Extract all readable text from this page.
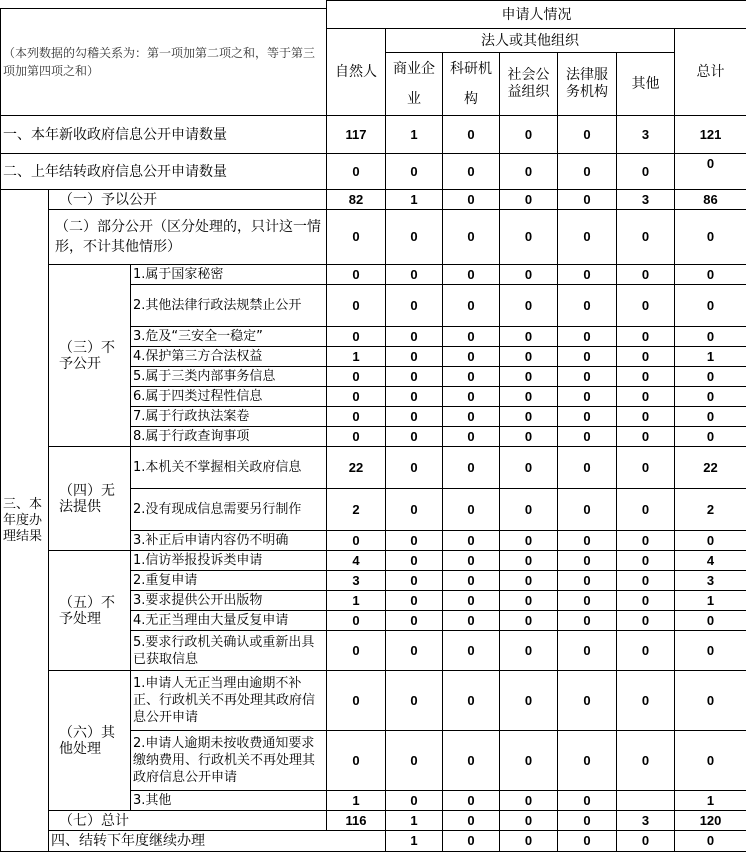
			申请人情况							
（本列数据的勾稽关系为：第一项加第二项之和，等于第三项加第四项之和）										
			自然人	法人或其他组织					总计	
				商业企业	科研机构	社会公益组织	法律服务机构	其他		

一、本年新收政府信息公开申请数量			117	1	0	0	0	3	121	
二、上年结转政府信息公开申请数量			0	0	0	0	0	0	0	
三、本年度办理结果	（一）予以公开		82	1	0	0	0	3	86	
	（二）部分公开（区分处理的，只计这一情形，不计其他情形）		0	0	0	0	0	0	0	
	（三）不予公开	1.属于国家秘密	0	0	0	0	0	0	0	
		2.其他法律行政法规禁止公开	0	0	0	0	0	0	0	
		3.危及“三安全一稳定”	0	0	0	0	0	0	0	
		4.保护第三方合法权益	1	0	0	0	0	0	1	
		5.属于三类内部事务信息	0	0	0	0	0	0	0	
		6.属于四类过程性信息	0	0	0	0	0	0	0	
		7.属于行政执法案卷	0	0	0	0	0	0	0	
		8.属于行政查询事项	0	0	0	0	0	0	0	
	（四）无法提供	1.本机关不掌握相关政府信息	22	0	0	0	0	0	22	
		2.没有现成信息需要另行制作	2	0	0	0	0	0	2	
		3.补正后申请内容仍不明确	0	0	0	0	0	0	0	
	（五）不予处理	1.信访举报投诉类申请	4	0	0	0	0	0	4	
		2.重复申请	3	0	0	0	0	0	3	
		3.要求提供公开出版物	1	0	0	0	0	0	1	
		4.无正当理由大量反复申请	0	0	0	0	0	0	0	
		5.要求行政机关确认或重新出具已获取信息	0	0	0	0	0	0	0	
	（六）其他处理	1.申请人无正当理由逾期不补正、行政机关不再处理其政府信息公开申请	0	0	0	0	0	0	0	
		2.申请人逾期未按收费通知要求缴纳费用、行政机关不再处理其政府信息公开申请	0	0	0	0	0	0	0	
		3.其他	1	0	0	0	0		1	
	（七）总计		116	1	0	0	0	3	120	
	四、结转下年度继续办理			1	0	0	0	0	0	
